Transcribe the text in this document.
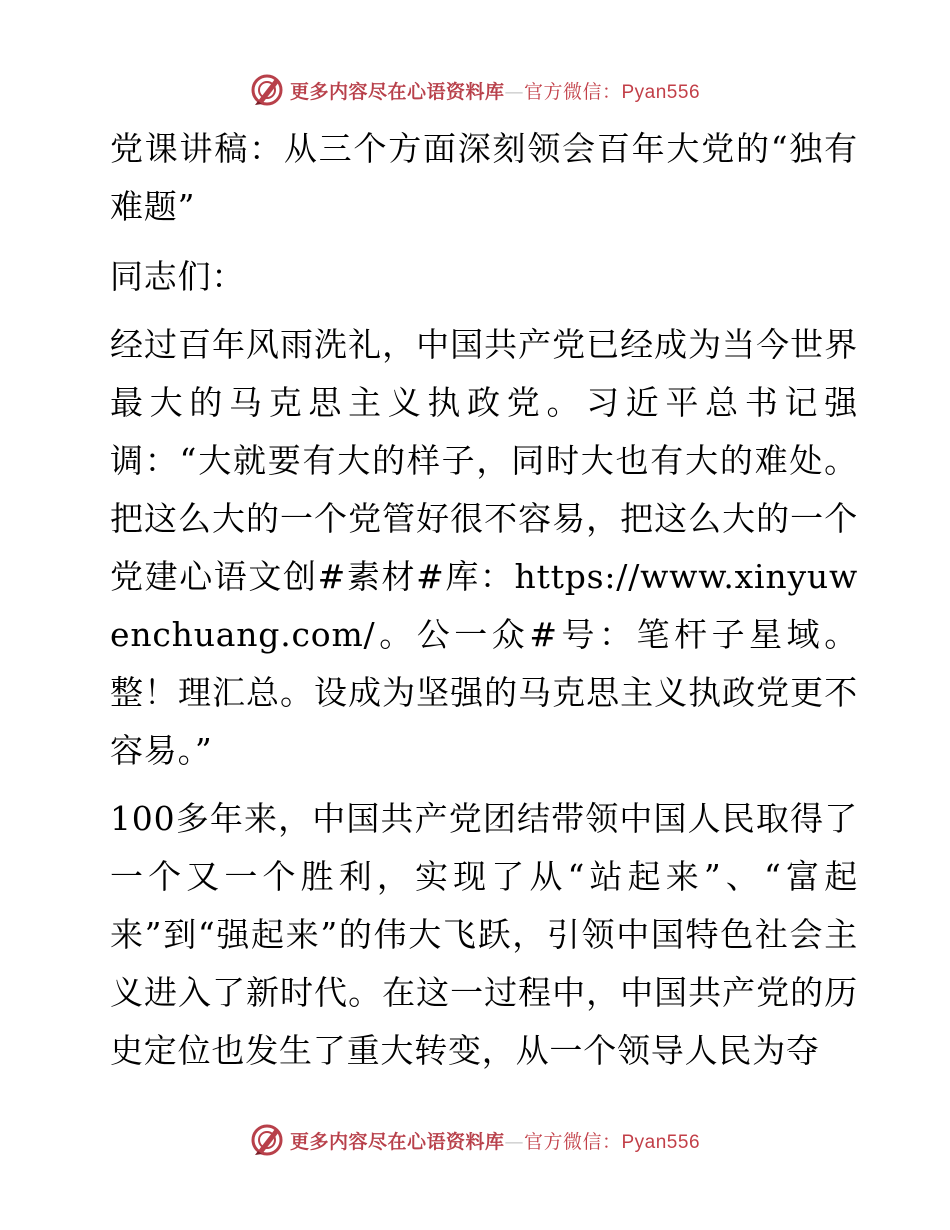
更多内容尽在心语资料库—官方微信：Pyan556

党课讲稿：从三个方面深刻领会百年大党的“独有难题”

同志们：

经过百年风雨洗礼，中国共产党已经成为当今世界最大的马克思主义执政党。习近平总书记强调：“大就要有大的样子，同时大也有大的难处。把这么大的一个党管好很不容易，把这么大的一个党建心语文创#素材#库：https://www.xinyuwenchuang.com/。公一众#号：笔杆子星域。整！理汇总。设成为坚强的马克思主义执政党更不容易。”

100多年来，中国共产党团结带领中国人民取得了一个又一个胜利，实现了从“站起来”、“富起来”到“强起来”的伟大飞跃，引领中国特色社会主义进入了新时代。在这一过程中，中国共产党的历史定位也发生了重大转变，从一个领导人民为夺

更多内容尽在心语资料库—官方微信：Pyan556
